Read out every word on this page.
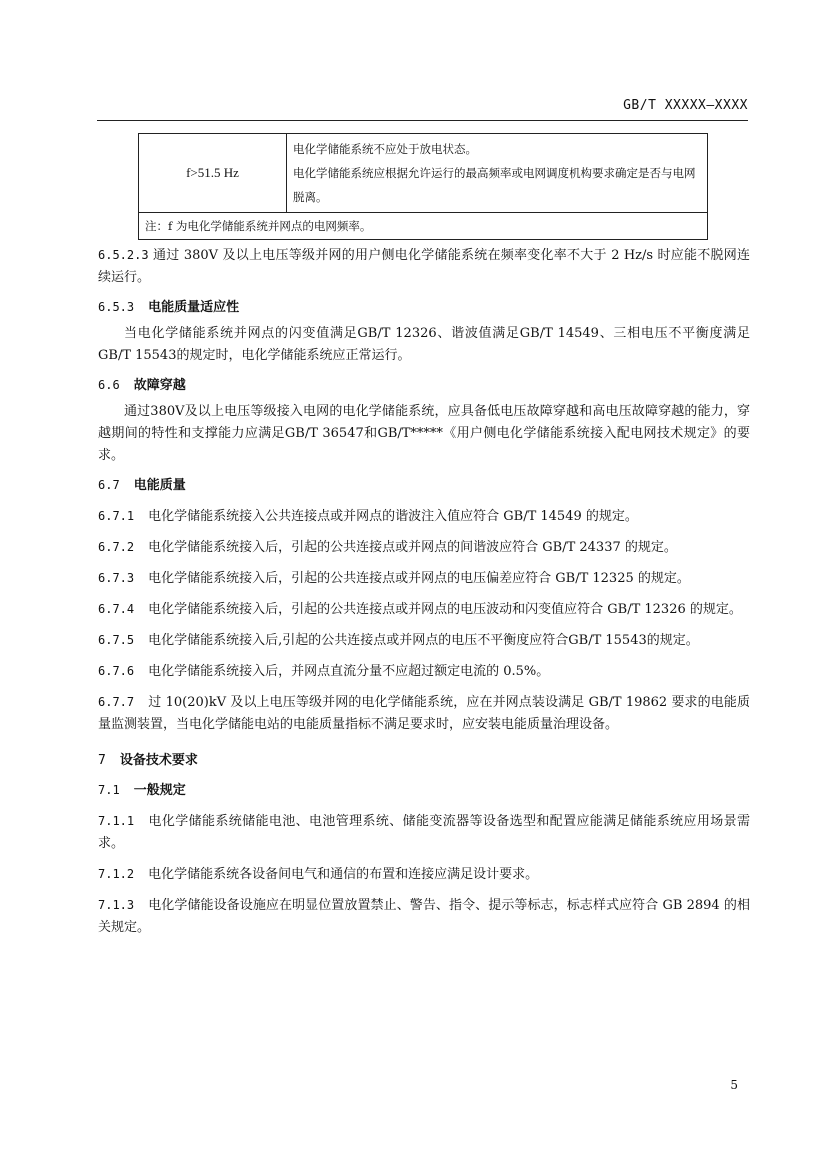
GB/T XXXXX—XXXX
f>51.5 Hz	
电化学储能系统不应处于放电状态。
电化学储能系统应根据允许运行的最高频率或电网调度机构要求确定是否与电网脱离。

注：f 为电化学储能系统并网点的电网频率。

6.5.2.3 通过 380V 及以上电压等级并网的用户侧电化学储能系统在频率变化率不大于 2 Hz/s 时应能不脱网连续运行。

6.5.3 电能质量适应性

当电化学储能系统并网点的闪变值满足GB/T 12326、谐波值满足GB/T 14549、三相电压不平衡度满足GB/T 15543的规定时，电化学储能系统应正常运行。

6.6 故障穿越

通过380V及以上电压等级接入电网的电化学储能系统，应具备低电压故障穿越和高电压故障穿越的能力，穿越期间的特性和支撑能力应满足GB/T 36547和GB/T*****《用户侧电化学储能系统接入配电网技术规定》的要求。

6.7 电能质量

6.7.1 电化学储能系统接入公共连接点或并网点的谐波注入值应符合 GB/T 14549 的规定。

6.7.2 电化学储能系统接入后，引起的公共连接点或并网点的间谐波应符合 GB/T 24337 的规定。

6.7.3 电化学储能系统接入后，引起的公共连接点或并网点的电压偏差应符合 GB/T 12325 的规定。

6.7.4 电化学储能系统接入后，引起的公共连接点或并网点的电压波动和闪变值应符合 GB/T 12326 的规定。

6.7.5 电化学储能系统接入后,引起的公共连接点或并网点的电压不平衡度应符合GB/T 15543的规定。

6.7.6 电化学储能系统接入后，并网点直流分量不应超过额定电流的 0.5%。

6.7.7 过 10(20)kV 及以上电压等级并网的电化学储能系统，应在并网点装设满足 GB/T 19862 要求的电能质量监测装置，当电化学储能电站的电能质量指标不满足要求时，应安装电能质量治理设备。

7 设备技术要求
7.1 一般规定

7.1.1 电化学储能系统储能电池、电池管理系统、储能变流器等设备选型和配置应能满足储能系统应用场景需求。

7.1.2 电化学储能系统各设备间电气和通信的布置和连接应满足设计要求。

7.1.3 电化学储能设备设施应在明显位置放置禁止、警告、指令、提示等标志，标志样式应符合 GB 2894 的相关规定。

5
